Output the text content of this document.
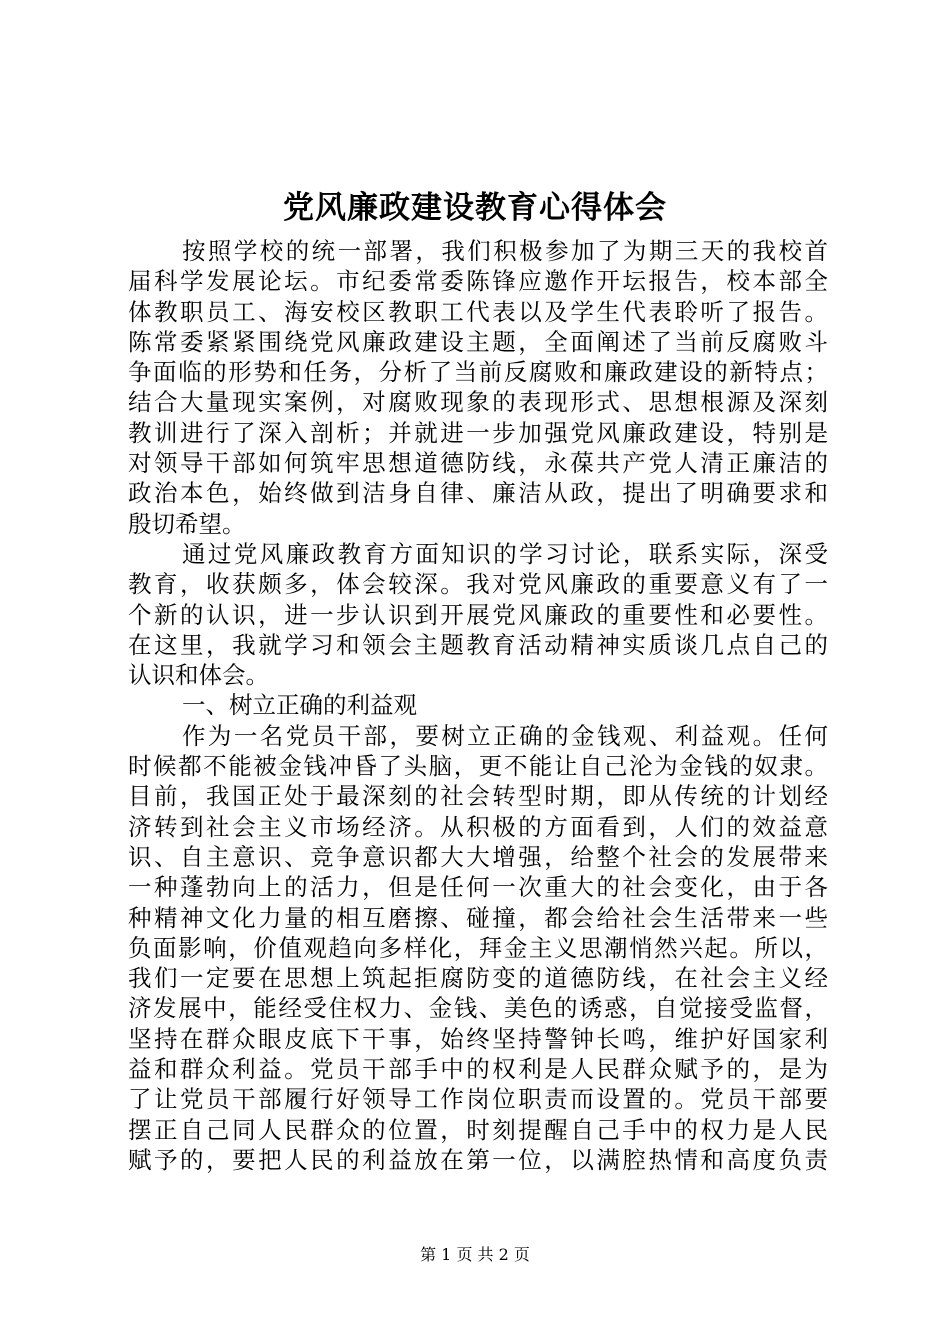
党风廉政建设教育心得体会
按照学校的统一部署，我们积极参加了为期三天的我校首
届科学发展论坛。市纪委常委陈锋应邀作开坛报告，校本部全
体教职员工、海安校区教职工代表以及学生代表聆听了报告。
陈常委紧紧围绕党风廉政建设主题，全面阐述了当前反腐败斗
争面临的形势和任务，分析了当前反腐败和廉政建设的新特点；
结合大量现实案例，对腐败现象的表现形式、思想根源及深刻
教训进行了深入剖析；并就进一步加强党风廉政建设，特别是
对领导干部如何筑牢思想道德防线，永葆共产党人清正廉洁的
政治本色，始终做到洁身自律、廉洁从政，提出了明确要求和
殷切希望。
通过党风廉政教育方面知识的学习讨论，联系实际，深受
教育，收获颇多，体会较深。我对党风廉政的重要意义有了一
个新的认识，进一步认识到开展党风廉政的重要性和必要性。
在这里，我就学习和领会主题教育活动精神实质谈几点自己的
认识和体会。
一、树立正确的利益观
作为一名党员干部，要树立正确的金钱观、利益观。任何
时候都不能被金钱冲昏了头脑，更不能让自己沦为金钱的奴隶。
目前，我国正处于最深刻的社会转型时期，即从传统的计划经
济转到社会主义市场经济。从积极的方面看到，人们的效益意
识、自主意识、竞争意识都大大增强，给整个社会的发展带来
一种蓬勃向上的活力，但是任何一次重大的社会变化，由于各
种精神文化力量的相互磨擦、碰撞，都会给社会生活带来一些
负面影响，价值观趋向多样化，拜金主义思潮悄然兴起。所以，
我们一定要在思想上筑起拒腐防变的道德防线，在社会主义经
济发展中，能经受住权力、金钱、美色的诱惑，自觉接受监督，
坚持在群众眼皮底下干事，始终坚持警钟长鸣，维护好国家利
益和群众利益。党员干部手中的权利是人民群众赋予的，是为
了让党员干部履行好领导工作岗位职责而设置的。党员干部要
摆正自己同人民群众的位置，时刻提醒自己手中的权力是人民
赋予的，要把人民的利益放在第一位，以满腔热情和高度负责
第 1 页 共 2 页
